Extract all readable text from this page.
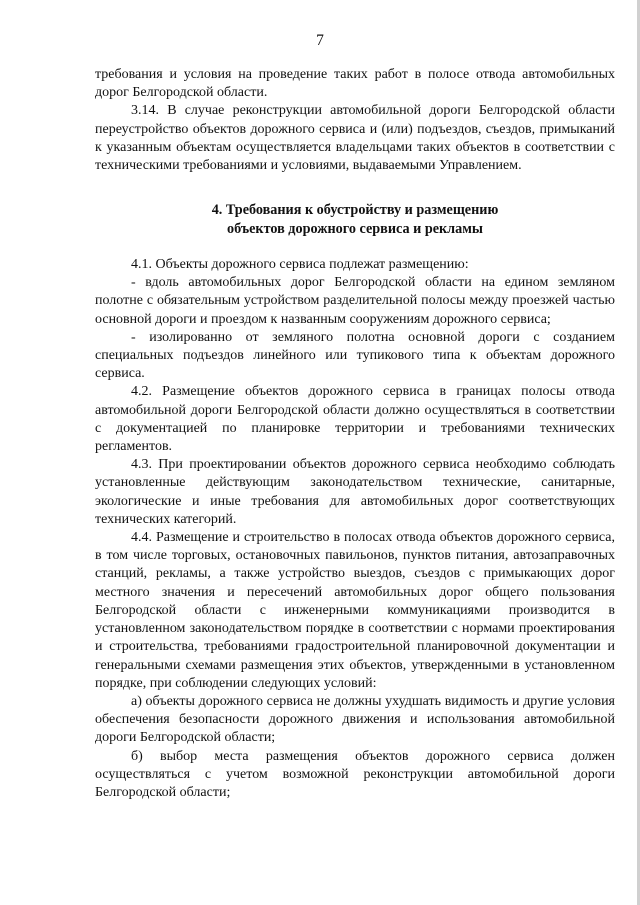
7

требования и условия на проведение таких работ в полосе отвода автомобильных дорог Белгородской области.

3.14. В случае реконструкции автомобильной дороги Белгородской области переустройство объектов дорожного сервиса и (или) подъездов, съездов, примыканий к указанным объектам осуществляется владельцами таких объектов в соответствии с техническими требованиями и условиями, выдаваемыми Управлением.

4. Требования к обустройству и размещению
объектов дорожного сервиса и рекламы

4.1. Объекты дорожного сервиса подлежат размещению:

- вдоль автомобильных дорог Белгородской области на едином земляном полотне с обязательным устройством разделительной полосы между проезжей частью основной дороги и проездом к названным сооружениям дорожного сервиса;

- изолированно от земляного полотна основной дороги с созданием специальных подъездов линейного или тупикового типа к объектам дорожного сервиса.

4.2. Размещение объектов дорожного сервиса в границах полосы отвода автомобильной дороги Белгородской области должно осуществляться в соответствии с документацией по планировке территории и требованиями технических регламентов.

4.3. При проектировании объектов дорожного сервиса необходимо соблюдать установленные действующим законодательством технические, санитарные, экологические и иные требования для автомобильных дорог соответствующих технических категорий.

4.4. Размещение и строительство в полосах отвода объектов дорожного сервиса, в том числе торговых, остановочных павильонов, пунктов питания, автозаправочных станций, рекламы, а также устройство выездов, съездов с примыкающих дорог местного значения и пересечений автомобильных дорог общего пользования Белгородской области с инженерными коммуникациями производится в установленном законодательством порядке в соответствии с нормами проектирования и строительства, требованиями градостроительной планировочной документации и генеральными схемами размещения этих объектов, утвержденными в установленном порядке, при соблюдении следующих условий:

а) объекты дорожного сервиса не должны ухудшать видимость и другие условия обеспечения безопасности дорожного движения и использования автомобильной дороги Белгородской области;

б) выбор места размещения объектов дорожного сервиса должен осуществляться с учетом возможной реконструкции автомобильной дороги Белгородской области;
